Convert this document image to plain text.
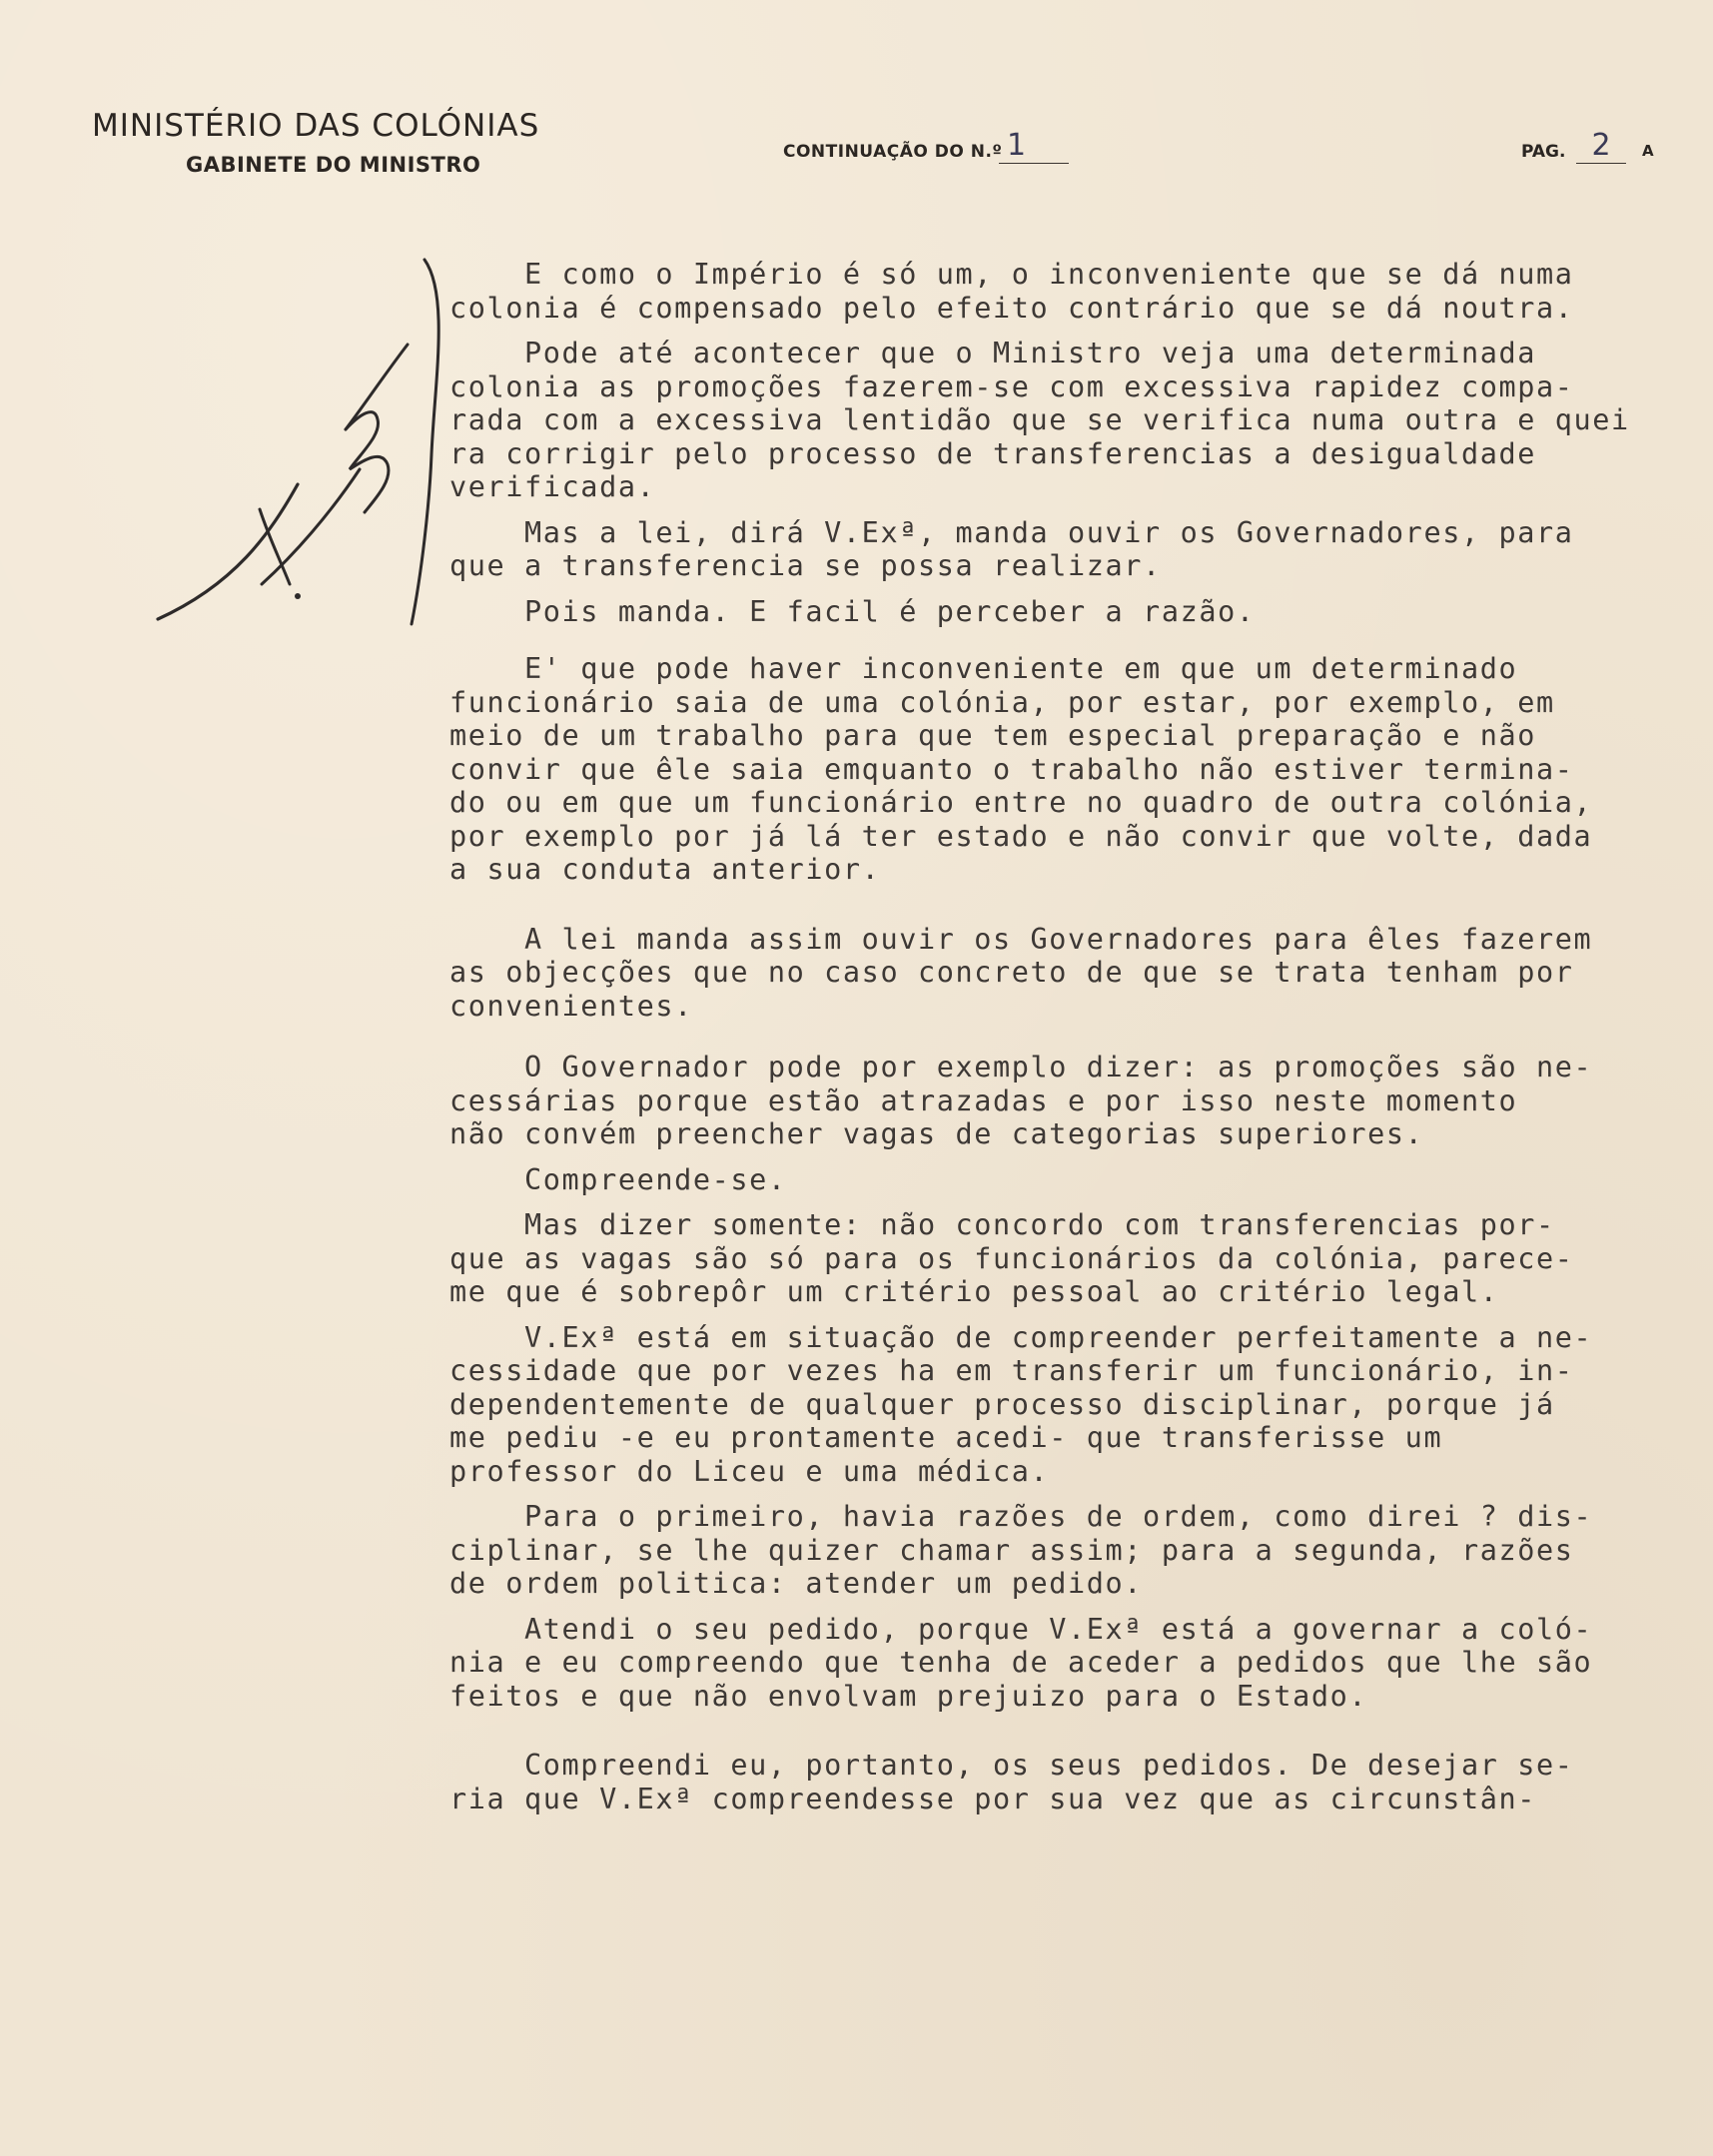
MINISTÉRIO DAS COLÓNIAS
GABINETE DO MINISTRO
CONTINUAÇÃO DO N.º 1	PAG. 2	A
E como o Império é só um, o inconveniente que se dá numa
colonia é compensado pelo efeito contrário que se dá noutra.
Pode até acontecer que o Ministro veja uma determinada
colonia as promoções fazerem-se com excessiva rapidez compa-
rada com a excessiva lentidão que se verifica numa outra e quei
ra corrigir pelo processo de transferencias a desigualdade
verificada.
Mas a lei, dirá V.Exª, manda ouvir os Governadores, para
que a transferencia se possa realizar.
Pois manda. E facil é perceber a razão.
E' que pode haver inconveniente em que um determinado
funcionário saia de uma colónia, por estar, por exemplo, em
meio de um trabalho para que tem especial preparação e não
convir que êle saia emquanto o trabalho não estiver termina-
do ou em que um funcionário entre no quadro de outra colónia,
por exemplo por já lá ter estado e não convir que volte, dada
a sua conduta anterior.
A lei manda assim ouvir os Governadores para êles fazerem
as objecções que no caso concreto de que se trata tenham por
convenientes.
O Governador pode por exemplo dizer: as promoções são ne-
cessárias porque estão atrazadas e por isso neste momento
não convém preencher vagas de categorias superiores.
Compreende-se.
Mas dizer somente: não concordo com transferencias por-
que as vagas são só para os funcionários da colónia, parece-
me que é sobrepôr um critério pessoal ao critério legal.
V.Exª está em situação de compreender perfeitamente a ne-
cessidade que por vezes ha em transferir um funcionário, in-
dependentemente de qualquer processo disciplinar, porque já
me pediu -e eu prontamente acedi- que transferisse um
professor do Liceu e uma médica.
Para o primeiro, havia razões de ordem, como direi ? dis-
ciplinar, se lhe quizer chamar assim; para a segunda, razões
de ordem politica: atender um pedido.
Atendi o seu pedido, porque V.Exª está a governar a coló-
nia e eu compreendo que tenha de aceder a pedidos que lhe são
feitos e que não envolvam prejuizo para o Estado.
Compreendi eu, portanto, os seus pedidos. De desejar se-
ria que V.Exª compreendesse por sua vez que as circunstân-
